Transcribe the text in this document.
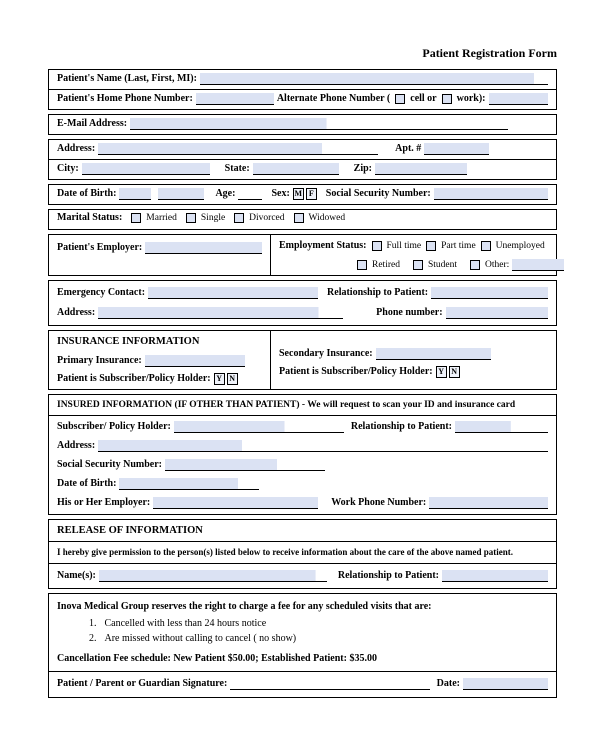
Patient Registration Form
Patient's Name (Last, First, MI):
Patient's Home Phone Number:	Alternate Phone Number ( cell or work):
E-Mail Address:
Address:	Apt. #
City:	State:	Zip:
Date of Birth:	Age:	Sex: M F	Social Security Number:
Marital Status:	Married	Single	Divorced	Widowed
Patient's Employer:	Employment Status: Full time Part time Unemployed
Retired	Student	Other:
Emergency Contact:	Relationship to Patient:
Address:	Phone number:
INSURANCE INFORMATION
Primary Insurance:
Patient is Subscriber/Policy Holder: Y N
Secondary Insurance:
Patient is Subscriber/Policy Holder: Y N
INSURED INFORMATION (IF OTHER THAN PATIENT) - We will request to scan your ID and insurance card
Subscriber/ Policy Holder:	Relationship to Patient:
Address:
Social Security Number:
Date of Birth:
His or Her Employer:	Work Phone Number:
RELEASE OF INFORMATION
I hereby give permission to the person(s) listed below to receive information about the care of the above named patient.
Name(s):	Relationship to Patient:
Inova Medical Group reserves the right to charge a fee for any scheduled visits that are:
1. Cancelled with less than 24 hours notice
2. Are missed without calling to cancel ( no show)
Cancellation Fee schedule: New Patient $50.00; Established Patient: $35.00
Patient / Parent or Guardian Signature:	Date:
